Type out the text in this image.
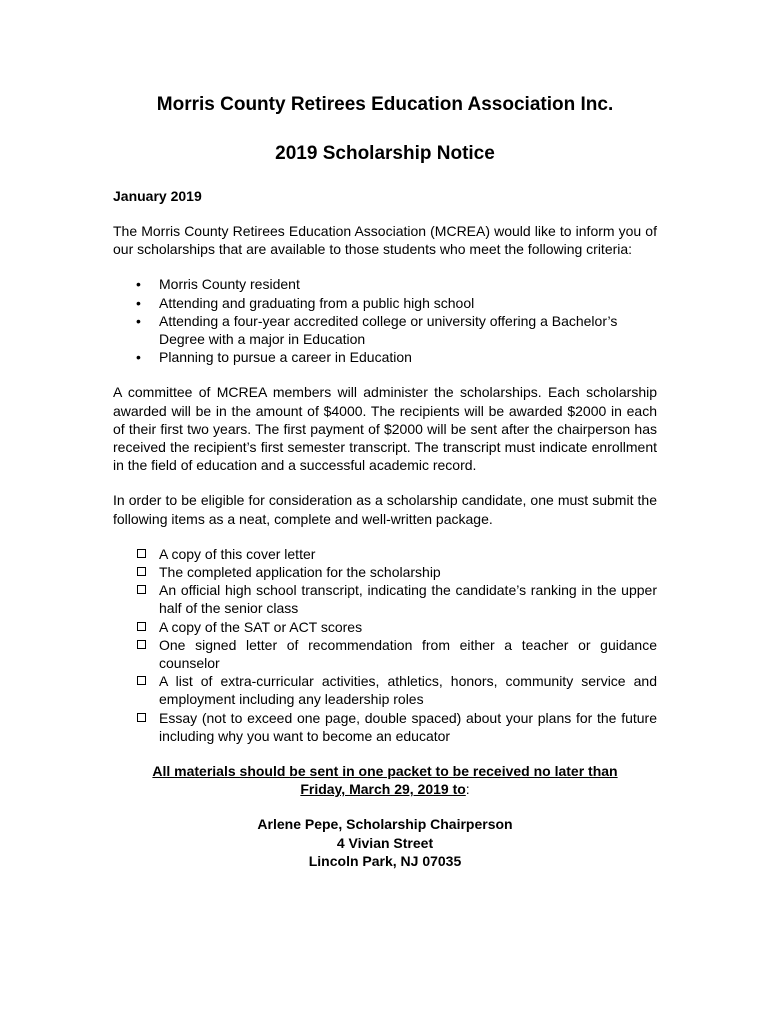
Morris County Retirees Education Association Inc.
2019 Scholarship Notice
January 2019

The Morris County Retirees Education Association (MCREA) would like to inform you of our scholarships that are available to those students who meet the following criteria:

• Morris County resident
• Attending and graduating from a public high school
• Attending a four-year accredited college or university offering a Bachelor’s Degree with a major in Education
• Planning to pursue a career in Education

A committee of MCREA members will administer the scholarships. Each scholarship awarded will be in the amount of $4000. The recipients will be awarded $2000 in each of their first two years. The first payment of $2000 will be sent after the chairperson has received the recipient’s first semester transcript. The transcript must indicate enrollment in the field of education and a successful academic record.

In order to be eligible for consideration as a scholarship candidate, one must submit the following items as a neat, complete and well-written package.

A copy of this cover letter
The completed application for the scholarship
An official high school transcript, indicating the candidate’s ranking in the upper half of the senior class
A copy of the SAT or ACT scores
One signed letter of recommendation from either a teacher or guidance counselor
A list of extra-curricular activities, athletics, honors, community service and employment including any leadership roles
Essay (not to exceed one page, double spaced) about your plans for the future including why you want to become an educator
All materials should be sent in one packet to be received no later than
Friday, March 29, 2019 to:
Arlene Pepe, Scholarship Chairperson
4 Vivian Street
Lincoln Park, NJ 07035
